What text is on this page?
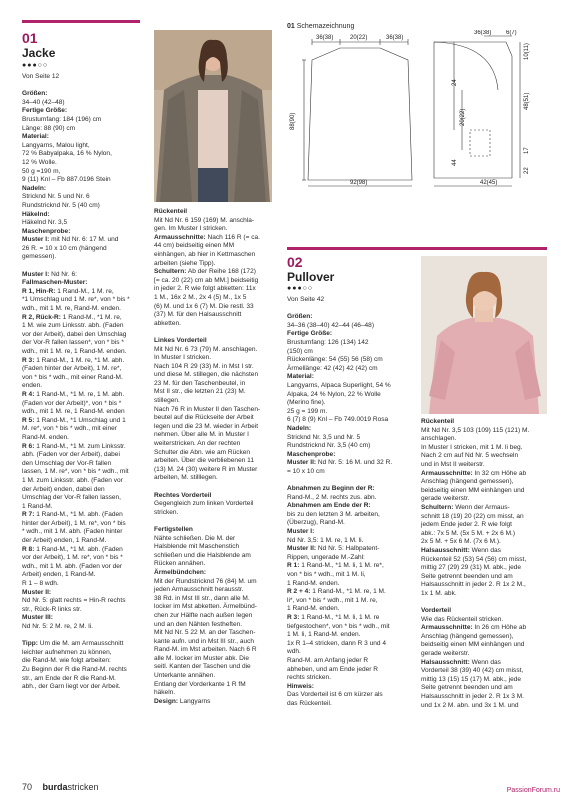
01
Jacke
●●●○○
Von Seite 12

Größen:
34–40 (42–48)
Fertige Größe:
Brustumfang: 184 (196) cm
Länge: 88 (90) cm
Material:
Langyarns, Malou light,
72 % Babyalpaka, 16 % Nylon,
12 % Wolle.
50 g =190 m,
9 (11) Knl – Fb 887.0196 Stein
Nadeln:
Stricknd Nr. 5 und Nr. 6
Rundstricknd Nr. 5 (40 cm)
Häkelnd:
Häkelnd Nr. 3,5
Maschenprobe:
Muster I: mit Nd Nr. 6: 17 M. und
26 R. = 10 x 10 cm (hängend
gemessen).

Muster I: Nd Nr. 6:
Fallmaschen-Muster:
R 1, Hin-R: 1 Rand-M., 1 M. re,
*1 Umschlag und 1 M. re*, von * bis *
wdh., mit 1 M. re, Rand-M. enden.
R 2, Rück-R: 1 Rand-M., *1 M. re,
1 M. wie zum Linksstr. abh. (Faden
vor der Arbeit), dabei den Umschlag
der Vor-R fallen lassen*, von * bis *
wdh., mit 1 M. re, 1 Rand-M. enden.
R 3: 1 Rand-M., 1 M. re, *1 M. abh.
(Faden hinter der Arbeit), 1 M. re*,
von * bis * wdh., mit einer Rand-M.
enden.
R 4: 1 Rand-M., *1 M. re, 1 M. abh.
(Faden vor der Arbeit)*, von * bis *
wdh., mit 1 M. re, 1 Rand-M. enden
R 5: 1 Rand-M., *1 Umschlag und 1
M. re*, von * bis * wdh., mit einer
Rand-M. enden.
R 6: 1 Rand-M., *1 M. zum Linksstr.
abh. (Faden vor der Arbeit), dabei
den Umschlag der Vor-R fallen
lassen, 1 M. re*, von * bis * wdh., mit
1 M. zum Linksstr. abh. (Faden vor
der Arbeit) enden, dabei den
Umschlag der Vor-R fallen lassen,
1 Rand-M.
R 7: 1 Rand-M., *1 M. abh. (Faden
hinter der Arbeit), 1 M. re*, von * bis
* wdh., mit 1 M. abh. (Faden hinter
der Arbeit) enden, 1 Rand-M.
R 8: 1 Rand-M., *1 M. abh. (Faden
vor der Arbeit), 1 M. re*, von * bis *
wdh., mit 1 M. abh. (Faden vor der
Arbeit) enden, 1 Rand-M.
R 1 – 8 wdh.
Muster II:
Nd Nr. 5: glatt rechts = Hin-R rechts
str., Rück-R links str.
Muster III:
Nd Nr. 5: 2 M. re, 2 M. li.

Tipp: Um die M. am Armausschnitt
leichter aufnehmen zu können,
die Rand-M. wie folgt arbeiten:
Zu Beginn der R die Rand-M. rechts
str., am Ende der R die Rand-M.
abh., der Garn liegt vor der Arbeit.
Rückenteil
Mit Nd Nr. 6 159 (169) M. anschla-
gen. Im Muster I stricken.
Armausschnitte: Nach 116 R (= ca.
44 cm) beidseitig einen MM
einhängen, ab hier in Kettmaschen
arbeiten (siehe Tipp).
Schultern: Ab der Reihe 168 (172)
[= ca. 20 (22) cm ab MM.] beidseitig
in jeder 2. R wie folgt abketten: 11x
1 M., 16x 2 M., 2x 4 (5) M., 1x 5
(6) M. und 1x 6 (7) M. Die restl. 33
(37) M. für den Halsausschnitt
abketten.

Linkes Vorderteil
Mit Nd Nr. 6 73 (79) M. anschlagen.
In Muster I stricken.
Nach 104 R 29 (33) M. in Mst I str.
und diese M. stillegen, die nächsten
23 M. für den Taschenbeutel, in
Mst II str., die letzten 21 (23) M.
stillegen.
Nach 76 R in Muster II den Taschen-
beutel auf die Rückseite der Arbeit
legen und die 23 M. wieder in Arbeit
nehmen. Über alle M. in Muster I
weiterstricken. An der rechten
Schulter die Abn. wie am Rücken
arbeiten. Über die verbliebenen 11
(13) M. 24 (30) weitere R im Muster
arbeiten, M. stilllegen.

Rechtes Vorderteil
Gegengleich zum linken Vorderteil
stricken.

Fertigstellen
Nähte schließen. Die M. der
Halsblende mit Maschenstich
schließen und die Halsblende am
Rücken annähen.
Ärmelbündchen:
Mit der Rundstricknd 76 (84) M. um
jeden Armausschnitt herausstr.
38 Rd. in Mst III str., dann alle M.
locker im Mst abketten. Ärmelbünd-
chen zur Hälfte nach außen legen
und an den Nähten festheften.
Mit Nd Nr. 5 22 M. an der Taschen-
kante aufn. und in Mst III str., auch
Rand-M. im Mst arbeiten. Nach 6 R
alle M. locker im Muster abk. Die
seitl. Kanten der Taschen und die
Unterkante annähen.
Entlang der Vorderkante 1 R fM
häkeln.
Design: Langyarns
01 Schemazeichnung
36(38)	20(22)	36(38)
88(90)
92(98)
36(38) 6(7)
10(11)
48(51)
17
22
24
20(22)
44
42(45)
02
Pullover
●●●○○
Von Seite 42

Größen:
34–36 (38–40) 42–44 (46–48)
Fertige Größe:
Brustumfang: 126 (134) 142
(150) cm
Rückenlänge: 54 (55) 56 (58) cm
Ärmellänge: 42 (42) 42 (42) cm
Material:
Langyarns, Alpaca Superlight, 54 %
Alpaka, 24 % Nylon, 22 % Wolle
(Merino fine).
25 g = 199 m.
6 (7) 8 (9) Knl – Fb 749.0019 Rosa
Nadeln:
Stricknd Nr. 3,5 und Nr. 5
Rundstricknd Nr. 3,5 (40 cm)
Maschenprobe:
Muster II: Nd Nr. 5: 16 M. und 32 R.
= 10 x 10 cm

Abnahmen zu Beginn der R:
Rand-M., 2 M. rechts zus. abn.
Abnahmen am Ende der R:
bis zu den letzten 3 M. arbeiten,
(Überzug), Rand-M.
Muster I:
Nd Nr. 3,5: 1 M. re, 1 M. li.
Muster II: Nd Nr. 5: Halbpatent-
Rippen, ungerade M.-Zahl:
R 1: 1 Rand-M., *1 M. li, 1 M. re*,
von * bis * wdh., mit 1 M. li,
1 Rand-M. enden.
R 2 + 4: 1 Rand-M., *1 M. re, 1 M.
li*, von * bis * wdh., mit 1 M. re,
1 Rand-M. enden.
R 3: 1 Rand-M., *1 M. li, 1 M. re
tiefgestochen*, von * bis * wdh., mit
1 M. li, 1 Rand-M. enden.
1x R 1–4 stricken, dann R 3 und 4
wdh.
Rand-M. am Anfang jeder R
abheben, und am Ende jeder R
rechts stricken.
Hinweis:
Das Vorderteil ist 6 cm kürzer als
das Rückenteil.
Rückenteil
Mit Nd Nr. 3,5 103 (109) 115 (121) M.
anschlagen.
In Muster I stricken, mit 1 M. li beg.
Nach 2 cm auf Nd Nr. 5 wechseln
und in Mst II weiterstr.
Armausschnitte: In 32 cm Höhe ab
Anschlag (hängend gemessen),
beidseitig einen MM einhängen und
gerade weiterstr.
Schultern: Wenn der Armaus-
schnitt 18 (19) 20 (22) cm misst, an
jedem Ende jeder 2. R wie folgt
abk.: 7x 5 M. (5x 5 M. + 2x 6 M.)
2x 5 M. + 5x 6 M. (7x 6 M.).
Halsausschnitt: Wenn das
Rückenteil 52 (53) 54 (56) cm misst,
mittig 27 (29) 29 (31) M. abk., jede
Seite getrennt beenden und am
Halsausschnitt in jeder 2. R 1x 2 M.,
1x 1 M. abk.

Vorderteil
Wie das Rückenteil stricken.
Armausschnitte: In 26 cm Höhe ab
Anschlag (hängend gemessen),
beidseitig einen MM einhängen und
gerade weiterstr.
Halsausschnitt: Wenn das
Vorderteil 38 (39) 40 (42) cm misst,
mittig 13 (15) 15 (17) M. abk., jede
Seite getrennt beenden und am
Halsausschnitt in jeder 2. R 1x 3 M.
und 1x 2 M. abn. und 3x 1 M. und
70 burdastricken	PassionForum.ru
